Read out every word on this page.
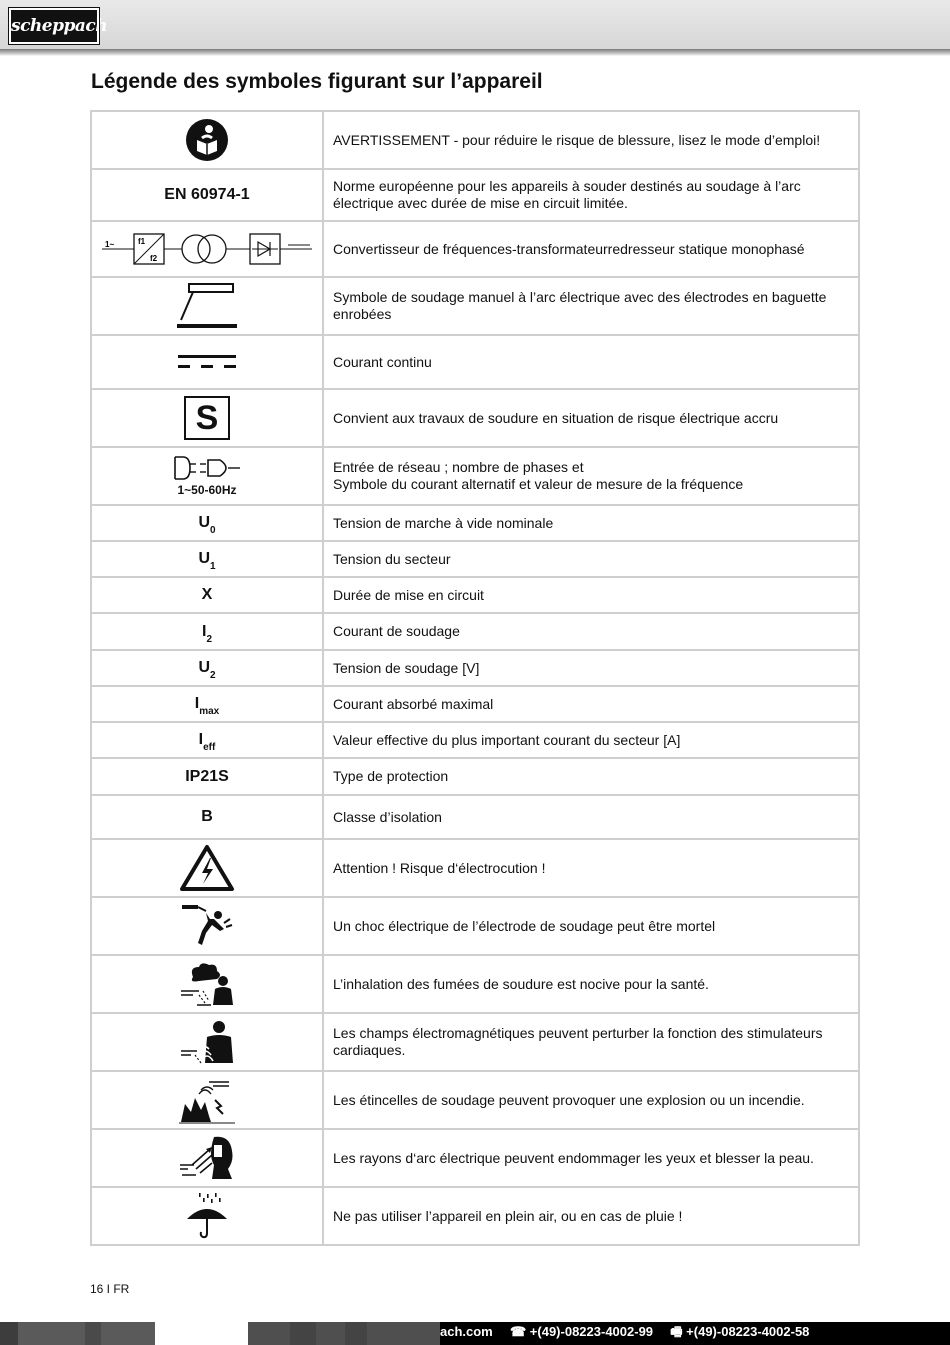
scheppach
Légende des symboles figurant sur l’appareil
	AVERTISSEMENT - pour réduire le risque de blessure, lisez le mode d’emploi!
EN 60974-1	Norme européenne pour les appareils à souder destinés au soudage à l’arc électrique avec durée de mise en circuit limitée.

1~ f1
f2	Convertisseur de fréquences-transformateurredresseur statique monophasé

	Symbole de soudage manuel à l’arc électrique avec des électrodes en baguette enrobées

	Courant continu

S	Convient aux travaux de soudure en situation de risque électrique accru

1~50-60Hz	Entrée de réseau ; nombre de phases et
Symbole du courant alternatif et valeur de mesure de la fréquence

$U_0$	Tension de marche à vide nominale
$U_1$	Tension du secteur
X	Durée de mise en circuit
$I_2$	Courant de soudage
$U_2$	Tension de soudage [V]
$I_{max}$	Courant absorbé maximal
$I_{eff}$	Valeur effective du plus important courant du secteur [A]
IP21S	Type de protection
B	Classe d’isolation

	Attention ! Risque d‘électrocution !

	Un choc électrique de l’électrode de soudage peut être mortel

	L’inhalation des fumées de soudure est nocive pour la santé.

	Les champs électromagnétiques peuvent perturber la fonction des stimulateurs cardiaques.

	Les étincelles de soudage peuvent provoquer une explosion ou un incendie.

	Les rayons d‘arc électrique peuvent endommager les yeux et blesser la peau.

	Ne pas utiliser l’appareil en plein air, ou en cas de pluie !
16 I FR
ach.com ☎ +(49)-08223-4002-99 🖷 +(49)-08223-4002-58
